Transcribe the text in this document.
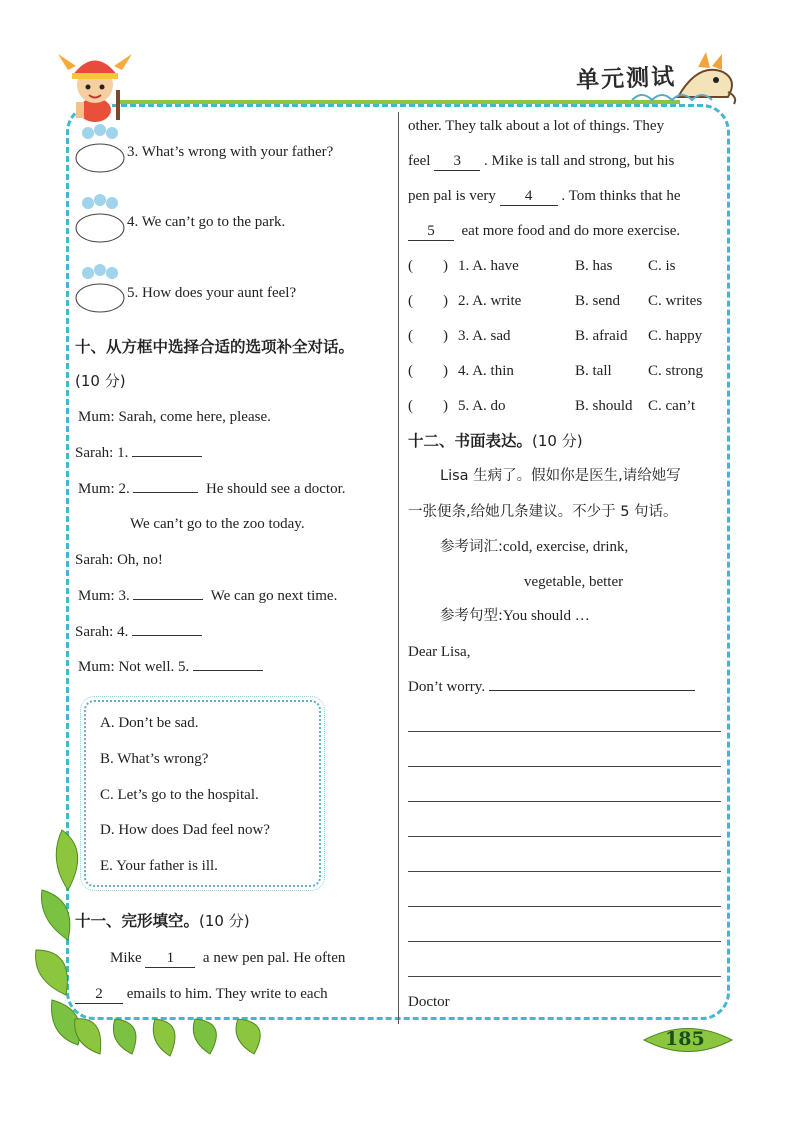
单元测试
3. What’s wrong with your father?
4. We can’t go to the park.
5. How does your aunt feel?
十、从方框中选择合适的选项补全对话。
(10 分)
Mum: Sarah, come here, please.
Sarah: 1.
Mum: 2.	He should see a doctor.
We can’t go to the zoo today.
Sarah: Oh, no!
Mum: 3.	We can go next time.
Sarah: 4.
Mum: Not well. 5.
A. Don’t be sad.
B. What’s wrong?
C. Let’s go to the hospital.
D. How does Dad feel now?
E. Your father is ill.
十一、完形填空。(10 分)
Mike 1 a new pen pal. He often
2 emails to him. They write to each
other. They talk about a lot of things. They
feel 3 . Mike is tall and strong, but his
pen pal is very 4 . Tom thinks that he
5 eat more food and do more exercise.
(　　) 1. A. have	B. has C. is
(　　) 2. A. write	B. send C. writes
(　　) 3. A. sad	B. afraid C. happy
(　　) 4. A. thin	B. tall C. strong
(　　) 5. A. do	B. should C. can’t
十二、书面表达。(10 分)
Lisa 生病了。假如你是医生,请给她写
一张便条,给她几条建议。不少于 5 句话。
参考词汇:cold, exercise, drink,
vegetable, better
参考句型:You should …
Dear Lisa,
Don’t worry.
Doctor
185
